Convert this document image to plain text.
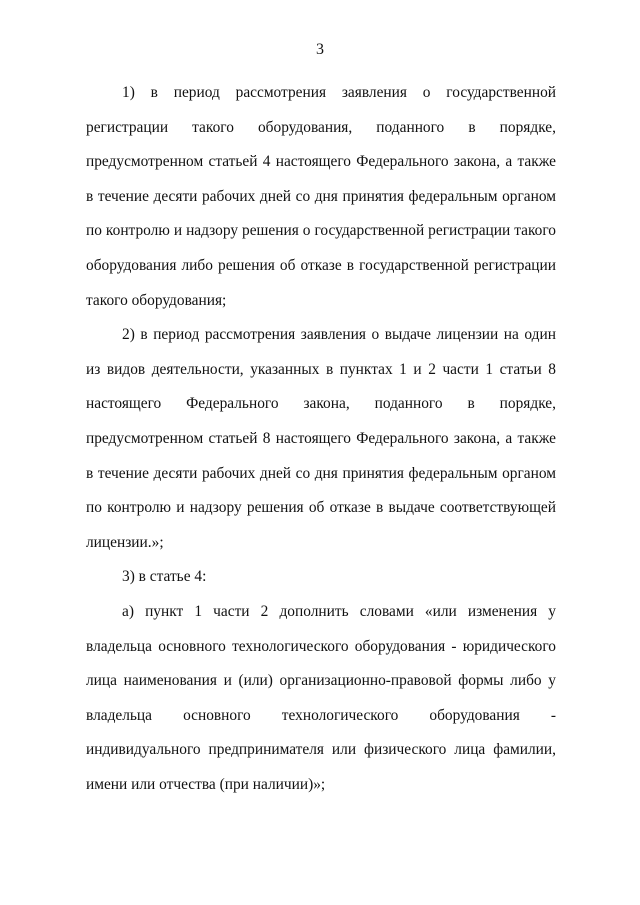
3

1) в период рассмотрения заявления о государственной регистрации такого оборудования, поданного в порядке, предусмотренном статьей 4 настоящего Федерального закона, а также в течение десяти рабочих дней со дня принятия федеральным органом по контролю и надзору решения о государственной регистрации такого оборудования либо решения об отказе в государственной регистрации такого оборудования;

2) в период рассмотрения заявления о выдаче лицензии на один из видов деятельности, указанных в пунктах 1 и 2 части 1 статьи 8 настоящего Федерального закона, поданного в порядке, предусмотренном статьей 8 настоящего Федерального закона, а также в течение десяти рабочих дней со дня принятия федеральным органом по контролю и надзору решения об отказе в выдаче соответствующей лицензии.»;

3) в статье 4:

а) пункт 1 части 2 дополнить словами «или изменения у владельца основного технологического оборудования - юридического лица наименования и (или) организационно-правовой формы либо у владельца основного технологического оборудования - индивидуального предпринимателя или физического лица фамилии, имени или отчества (при наличии)»;
